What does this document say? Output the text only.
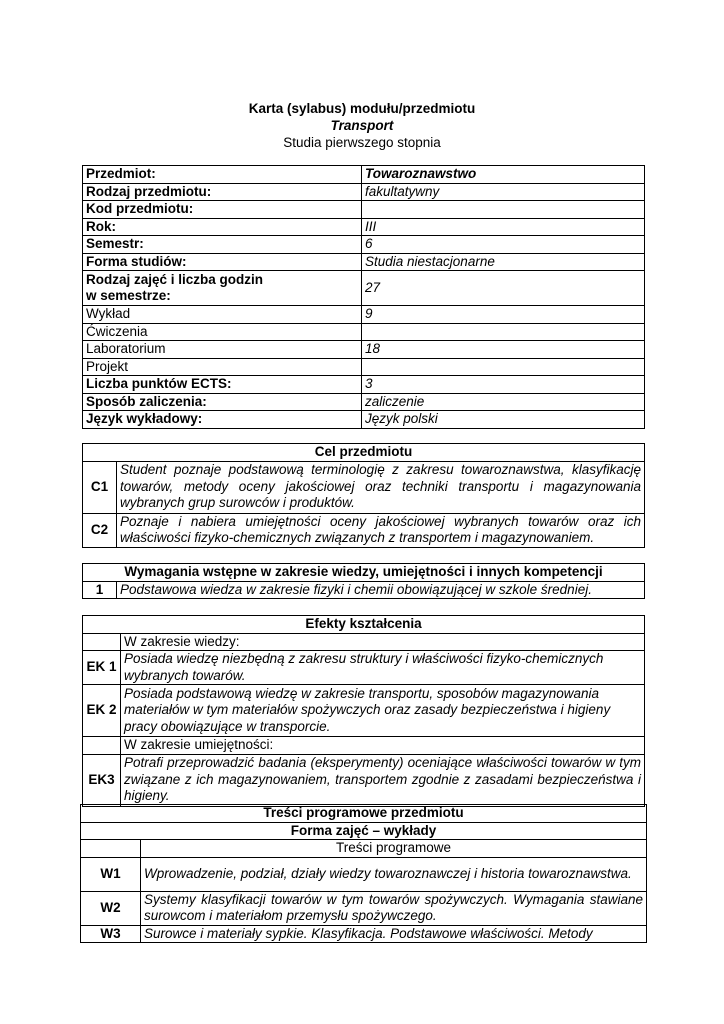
Karta (sylabus) modułu/przedmiotu
Transport
Studia pierwszego stopnia
Przedmiot:	Towaroznawstwo
Rodzaj przedmiotu:	fakultatywny
Kod przedmiotu:	
Rok:	III
Semestr:	6
Forma studiów:	Studia niestacjonarne

Rodzaj zajęć i liczba godzin
w semestrze:	27
Wykład	9
Ćwiczenia	
Laboratorium	18
Projekt	
Liczba punktów ECTS:	3
Sposób zaliczenia:	zaliczenie
Język wykładowy:	Język polski
Cel przedmiotu	
C1	Student poznaje podstawową terminologię z zakresu towaroznawstwa, klasyfikację towarów, metody oceny jakościowej oraz techniki transportu i magazynowania wybranych grup surowców i produktów.
C2	Poznaje i nabiera umiejętności oceny jakościowej wybranych towarów oraz ich właściwości fizyko-chemicznych związanych z transportem i magazynowaniem.
Wymagania wstępne w zakresie wiedzy, umiejętności i innych kompetencji
1	Podstawowa wiedza w zakresie fizyki i chemii obowiązującej w szkole średniej.
Efekty kształcenia	
	W zakresie wiedzy:
EK 1	Posiada wiedzę niezbędną z zakresu struktury i właściwości fizyko-chemicznych wybranych towarów.
EK 2	Posiada podstawową wiedzę w zakresie transportu, sposobów magazynowania materiałów w tym materiałów spożywczych oraz zasady bezpieczeństwa i higieny pracy obowiązujące w transporcie.
	W zakresie umiejętności:
EK3	Potrafi przeprowadzić badania (eksperymenty) oceniające właściwości towarów w tym związane z ich magazynowaniem, transportem zgodnie z zasadami bezpieczeństwa i higieny.
Treści programowe przedmiotu	
Forma zajęć – wykłady	
	Treści programowe
W1	Wprowadzenie, podział, działy wiedzy towaroznawczej i historia towaroznawstwa.
W2	Systemy klasyfikacji towarów w tym towarów spożywczych. Wymagania stawiane surowcom i materiałom przemysłu spożywczego.
W3	Surowce i materiały sypkie. Klasyfikacja. Podstawowe właściwości. Metody
